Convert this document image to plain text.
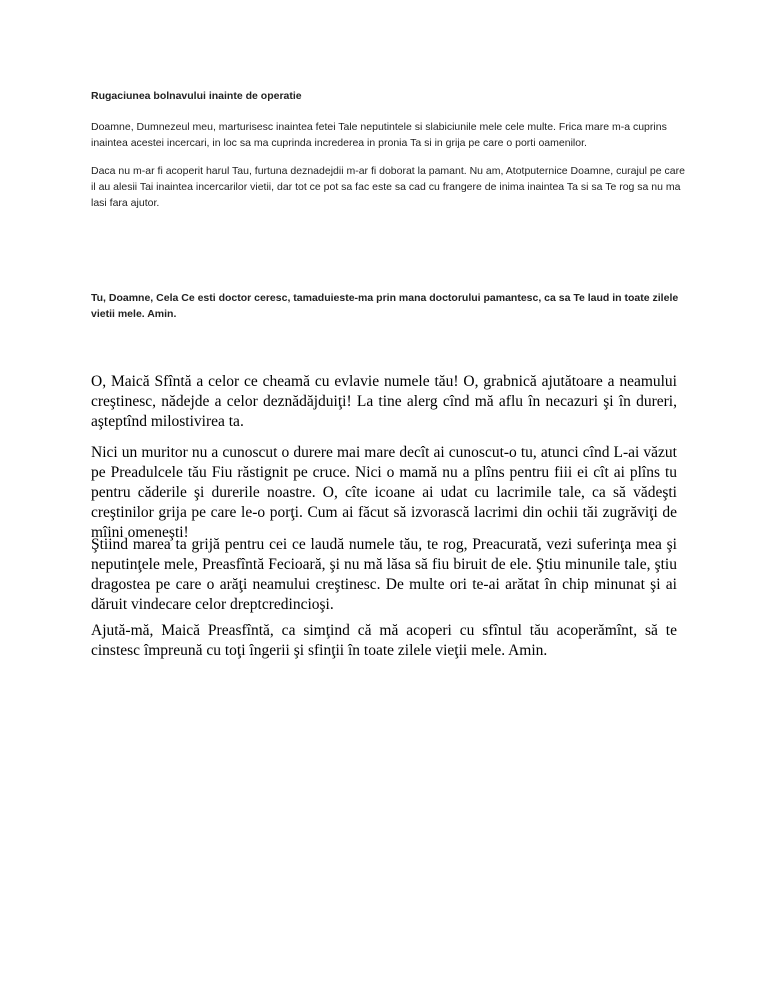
Rugaciunea bolnavului inainte de operatie

Doamne, Dumnezeul meu, marturisesc inaintea fetei Tale neputintele si slabiciunile mele cele multe. Frica mare m-a cuprins inaintea acestei incercari, in loc sa ma cuprinda increderea in pronia Ta si in grija pe care o porti oamenilor.

Daca nu m-ar fi acoperit harul Tau, furtuna deznadejdii m-ar fi doborat la pamant. Nu am, Atotputernice Doamne, curajul pe care il au alesii Tai inaintea incercarilor vietii, dar tot ce pot sa fac este sa cad cu frangere de inima inaintea Ta si sa Te rog sa nu ma lasi fara ajutor.

Tu, Doamne, Cela Ce esti doctor ceresc, tamaduieste-ma prin mana doctorului pamantesc, ca sa Te laud in toate zilele vietii mele. Amin.

O, Maică Sfîntă a celor ce cheamă cu evlavie numele tău! O, grabnică ajutătoare a neamului creştinesc, nădejde a celor deznădăjduiţi! La tine alerg cînd mă aflu în necazuri şi în dureri, aşteptînd milostivirea ta.

Nici un muritor nu a cunoscut o durere mai mare decît ai cunoscut-o tu, atunci cînd L-ai văzut pe Preadulcele tău Fiu răstignit pe cruce. Nici o mamă nu a plîns pentru fiii ei cît ai plîns tu pentru căderile şi durerile noastre. O, cîte icoane ai udat cu lacrimile tale, ca să vădeşti creştinilor grija pe care le-o porţi. Cum ai făcut să izvorască lacrimi din ochii tăi zugrăviţi de mîini omeneşti!

Ştiind marea ta grijă pentru cei ce laudă numele tău, te rog, Preacurată, vezi suferinţa mea şi neputinţele mele, Preasfîntă Fecioară, şi nu mă lăsa să fiu biruit de ele. Ştiu minunile tale, ştiu dragostea pe care o arăţi neamului creştinesc. De multe ori te-ai arătat în chip minunat şi ai dăruit vindecare celor dreptcredincioşi.

Ajută-mă, Maică Preasfîntă, ca simţind că mă acoperi cu sfîntul tău acoperămînt, să te cinstesc împreună cu toţi îngerii şi sfinţii în toate zilele vieţii mele. Amin.
